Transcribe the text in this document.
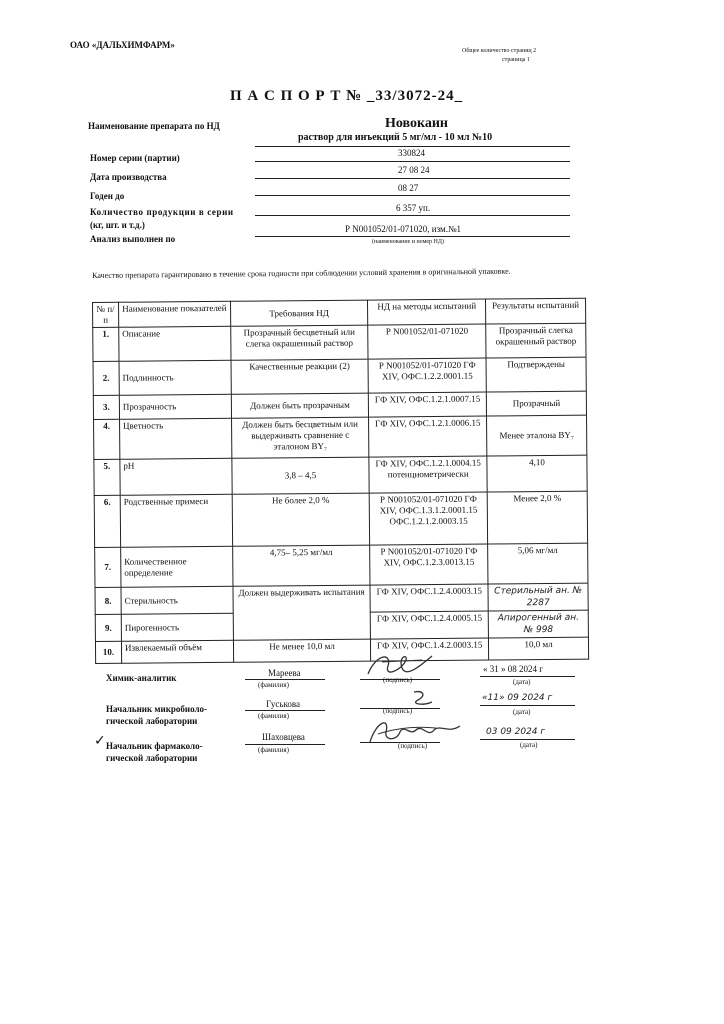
ОАО «ДАЛЬХИМФАРМ»
Общее количество страниц 2
страница 1
П А С П О Р Т № _33/3072-24_
Наименование препарата по НД	Новокаин
раствор для инъекций 5 мг/мл - 10 мл №10
Номер серии (партии)	330824
Дата производства
27 08 24
Годен до
08 27
Количество продукции в серии
(кг, шт. и т.д.)
6 357 уп.
Анализ выполнен по
Р N001052/01-071020, изм.№1
(наименование и номер НД)
Качество препарата гарантировано в течение срока годности при соблюдении условий хранения в оригинальной упаковке.
№ п/п	Наименование показателей	Требования НД	НД на методы испытаний	Результаты испытаний
1.	Описание	Прозрачный бесцветный или слегка окрашенный раствор	Р N001052/01-071020	Прозрачный слегка окрашенный раствор
2.	Подлинность	Качественные реакции (2)	Р N001052/01-071020 ГФ XIV, ОФС.1.2.2.0001.15	Подтверждены
3.	Прозрачность	Должен быть прозрачным	ГФ XIV, ОФС.1.2.1.0007.15	Прозрачный
4.	Цветность	Должен быть бесцветным или выдерживать сравнение с эталоном BY₇	ГФ XIV, ОФС.1.2.1.0006.15	Менее эталона BY₇
5.	pH	3,8 – 4,5	ГФ XIV, ОФС.1.2.1.0004.15 потенциометрически	4,10
6.	Родственные примеси	Не более 2,0 %	Р N001052/01-071020 ГФ XIV, ОФС.1.3.1.2.0001.15 ОФС.1.2.1.2.0003.15	Менее 2,0 %
7.	Количественное определение	4,75– 5,25 мг/мл	Р N001052/01-071020 ГФ XIV, ОФС.1.2.3.0013.15	5,06 мг/мл
8.	Стерильность	Должен выдерживать испытания	ГФ XIV, ОФС.1.2.4.0003.15	Стерильный ан. № 2287
9.	Пирогенность		ГФ XIV, ОФС.1.2.4.0005.15	Апирогенный ан. № 998
10.	Извлекаемый объём	Не менее 10,0 мл	ГФ XIV, ОФС.1.4.2.0003.15	10,0 мл
Химик-аналитик	Мареева
(фамилия)
(подпись)
« 31 » 08 2024 г
(дата)
Начальник микробиоло-
гической лаборатории
Гуськова
(фамилия)
(подпись)
«11» 09 2024 г
(дата)
✓ Начальник фармаколо-
гической лаборатории
Шаховцева
(фамилия)	(подпись)
03 09 2024 г
(дата)
